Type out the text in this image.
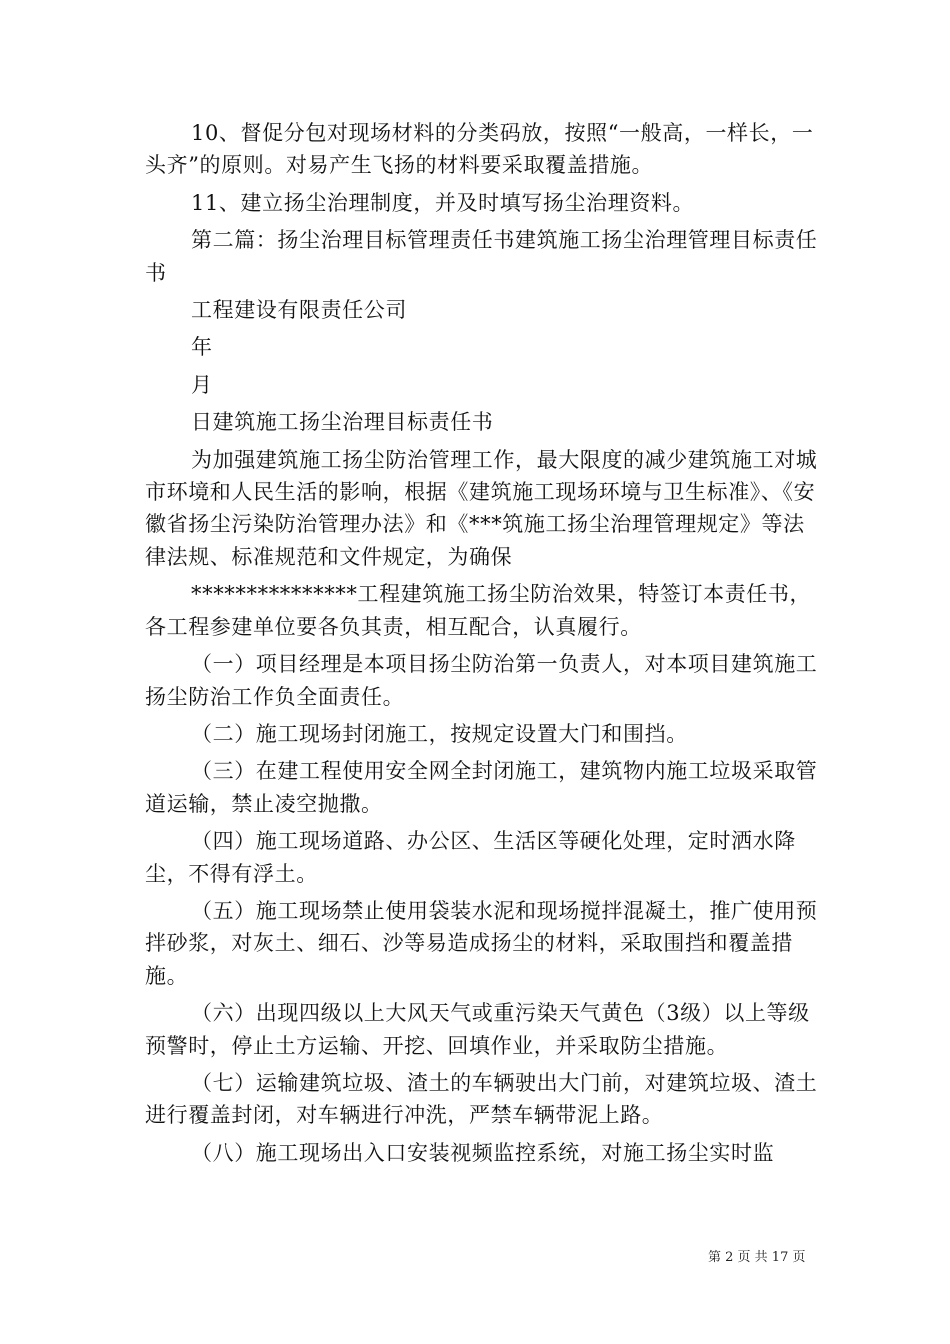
10、督促分包对现场材料的分类码放，按照“一般高，一样长，一头齐”的原则。对易产生飞扬的材料要采取覆盖措施。

11、建立扬尘治理制度，并及时填写扬尘治理资料。

第二篇：扬尘治理目标管理责任书建筑施工扬尘治理管理目标责任书

工程建设有限责任公司

年

月

日建筑施工扬尘治理目标责任书

为加强建筑施工扬尘防治管理工作，最大限度的减少建筑施工对城市环境和人民生活的影响，根据《建筑施工现场环境与卫生标准》、《安徽省扬尘污染防治管理办法》和《***筑施工扬尘治理管理规定》等法律法规、标准规范和文件规定，为确保

***************工程建筑施工扬尘防治效果，特签订本责任书，各工程参建单位要各负其责，相互配合，认真履行。

（一）项目经理是本项目扬尘防治第一负责人，对本项目建筑施工扬尘防治工作负全面责任。

（二）施工现场封闭施工，按规定设置大门和围挡。

（三）在建工程使用安全网全封闭施工，建筑物内施工垃圾采取管道运输，禁止凌空抛撒。

（四）施工现场道路、办公区、生活区等硬化处理，定时洒水降尘，不得有浮土。

（五）施工现场禁止使用袋装水泥和现场搅拌混凝土，推广使用预拌砂浆，对灰土、细石、沙等易造成扬尘的材料，采取围挡和覆盖措施。

（六）出现四级以上大风天气或重污染天气黄色（3级）以上等级预警时，停止土方运输、开挖、回填作业，并采取防尘措施。

（七）运输建筑垃圾、渣土的车辆驶出大门前，对建筑垃圾、渣土进行覆盖封闭，对车辆进行冲洗，严禁车辆带泥上路。

（八）施工现场出入口安装视频监控系统，对施工扬尘实时监

第 2 页 共 17 页
